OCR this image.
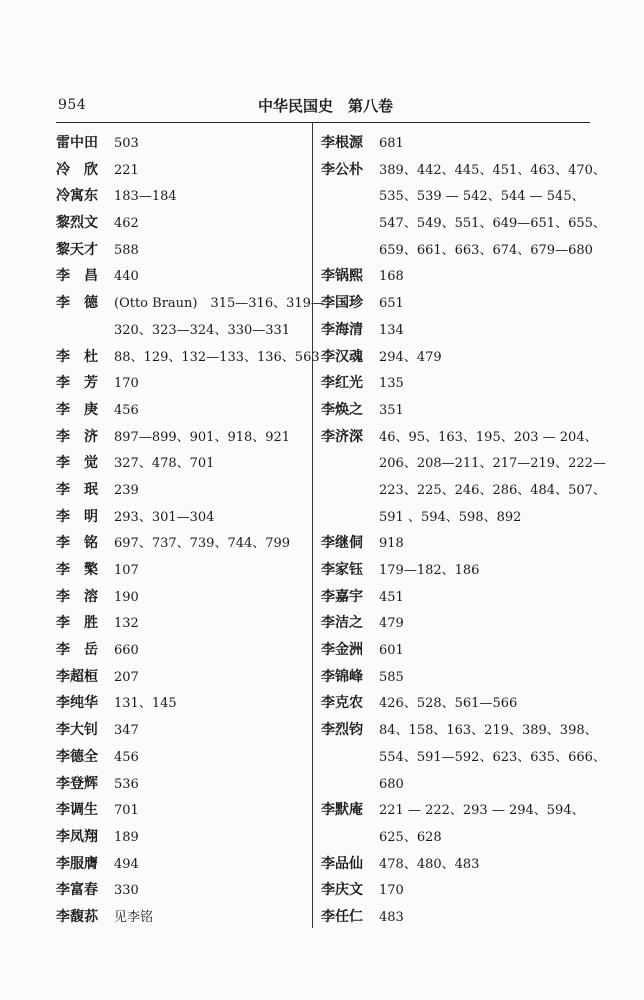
954	中华民国史　第八卷
雷中田 503
冷　欣 221
冷寓东 183—184
黎烈文 462
黎天才 588
李　昌 440
李　德 (Otto Braun)　315—316、319—
320、323—324、330—331
李　杜 88、129、132—133、136、563
李　芳 170
李　庚 456
李　济 897—899、901、918、921
李　觉 327、478、701
李　珉 239
李　明 293、301—304
李　铭 697、737、739、744、799
李　檠 107
李　溶 190
李　胜 132
李　岳 660
李超桓 207
李纯华 131、145
李大钊 347
李德全 456
李登辉 536
李调生 701
李凤翔 189
李服膺 494
李富春 330
李馥荪 见李铭
李根源 681
李公朴 389、442、445、451、463、470、
535、539 — 542、544 — 545、
547、549、551、649—651、655、
659、661、663、674、679—680
李锅熙 168
李国珍 651
李海清 134
李汉魂 294、479
李红光 135
李焕之 351
李济深 46、95、163、195、203 — 204、
206、208—211、217—219、222—
223、225、246、286、484、507、
591 、594、598、892
李继侗 918
李家钰 179—182、186
李嘉宇 451
李洁之 479
李金洲 601
李锦峰 585
李克农 426、528、561—566
李烈钧 84、158、163、219、389、398、
554、591—592、623、635、666、
680
李默庵 221 — 222、293 — 294、594、
625、628
李品仙 478、480、483
李庆文 170
李任仁 483
